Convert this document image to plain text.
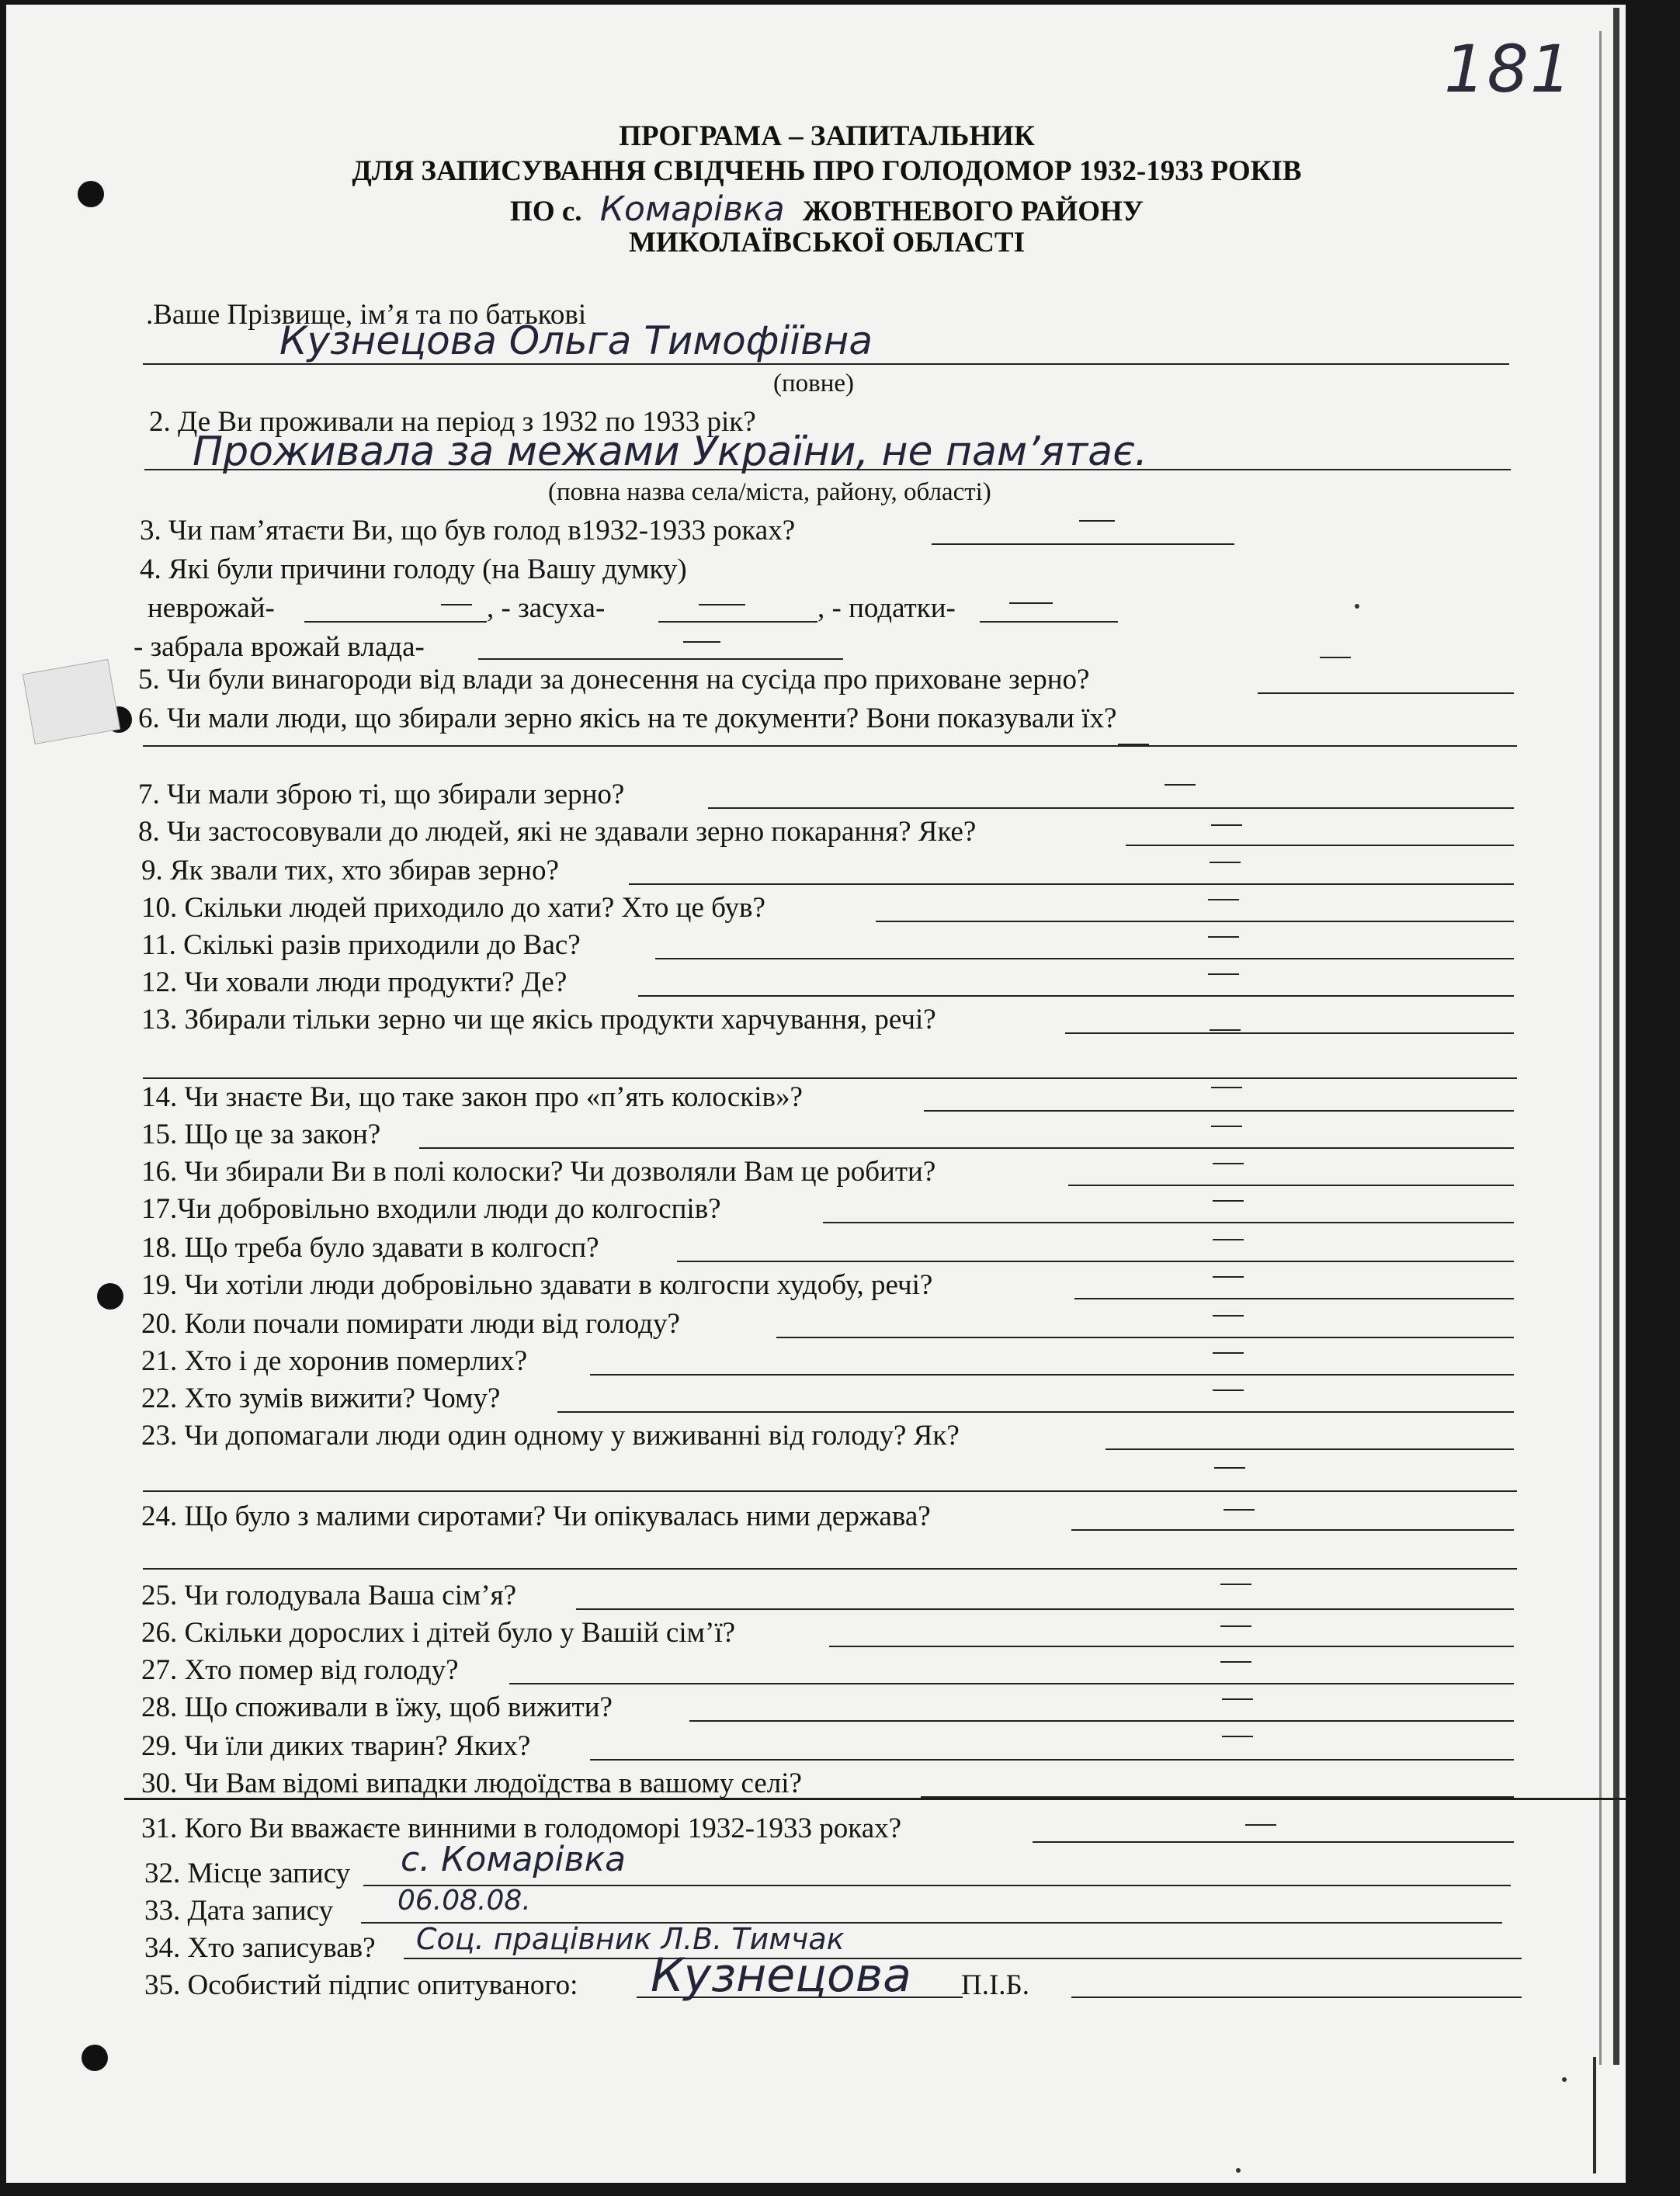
181
ПРОГРАМА – ЗАПИТАЛЬНИК
ДЛЯ ЗАПИСУВАННЯ СВІДЧЕНЬ ПРО ГОЛОДОМОР 1932-1933 РОКІВ
ПО с. Комарівка ЖОВТНЕВОГО РАЙОНУ
МИКОЛАЇВСЬКОЇ ОБЛАСТІ
.Ваше Прізвище, ім’я та по батькові
Кузнецова Ольга Тимофіївна
(повне)
2. Де Ви проживали на період з 1932 по 1933 рік?
Проживала за межами України, не пам’ятає.
(повна назва села/міста, району, області)
3. Чи пам’ятаєти Ви, що був голод в1932-1933 роках?
4. Які були причини голоду (на Вашу думку)
неврожай-	, - засуха-	, - податки-
- забрала врожай влада-
5. Чи були винагороди від влади за донесення на сусіда про приховане зерно?
6. Чи мали люди, що збирали зерно якісь на те документи? Вони показували їх?
7. Чи мали зброю ті, що збирали зерно?
8. Чи застосовували до людей, які не здавали зерно покарання? Яке?
9. Як звали тих, хто збирав зерно?
10. Скільки людей приходило до хати? Хто це був?
11. Скількі разів приходили до Вас?
12. Чи ховали люди продукти? Де?
13. Збирали тільки зерно чи ще якісь продукти харчування, речі?
14. Чи знаєте Ви, що таке закон про «п’ять колосків»?
15. Що це за закон?
16. Чи збирали Ви в полі колоски? Чи дозволяли Вам це робити?
17.Чи добровільно входили люди до колгоспів?
18. Що треба було здавати в колгосп?
19. Чи хотіли люди добровільно здавати в колгоспи худобу, речі?
20. Коли почали помирати люди від голоду?
21. Хто і де хоронив померлих?
22. Хто зумів вижити? Чому?
23. Чи допомагали люди один одному у виживанні від голоду? Як?
24. Що було з малими сиротами? Чи опікувалась ними держава?
25. Чи голодувала Ваша сім’я?
26. Скільки дорослих і дітей було у Вашій сім’ї?
27. Хто помер від голоду?
28. Що споживали в їжу, щоб вижити?
29. Чи їли диких тварин? Яких?
30. Чи Вам відомі випадки людоїдства в вашому селі?
31. Кого Ви вважаєте винними в голодоморі 1932-1933 роках?
32. Місце запису с. Комарівка
33. Дата запису 06.08.08.
34. Хто записував? Соц. працівник Л.В. Тимчак
35. Особистий підпис опитуваного: Кузнецова П.І.Б.
